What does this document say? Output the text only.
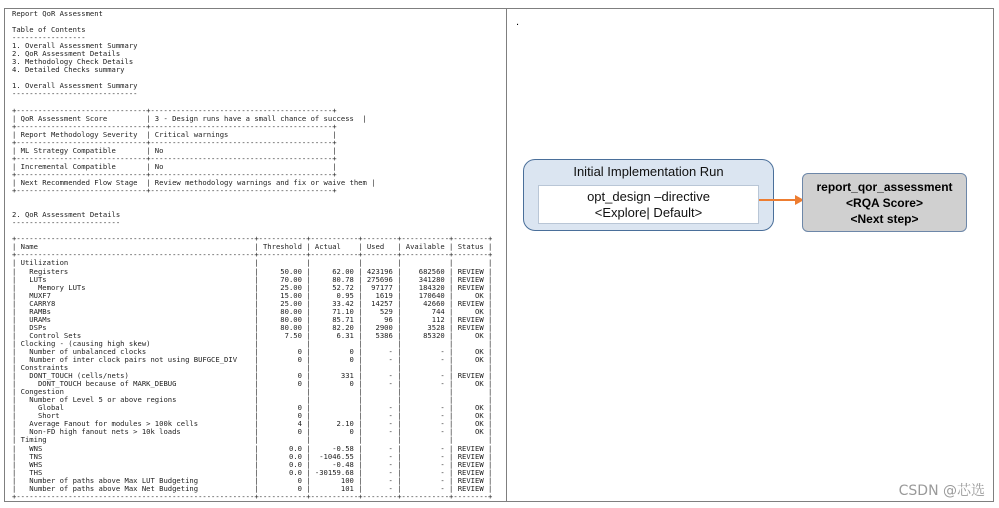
Report QoR Assessment

Table of Contents
-----------------
1. Overall Assessment Summary
2. QoR Assessment Details
3. Methodology Check Details
4. Detailed Checks summary

1. Overall Assessment Summary
-----------------------------

+------------------------------+------------------------------------------+
| QoR Assessment Score         | 3 - Design runs have a small chance of success  |
+------------------------------+------------------------------------------+
| Report Methodology Severity  | Critical warnings                        |
+------------------------------+------------------------------------------+
| ML Strategy Compatible       | No                                       |
+------------------------------+------------------------------------------+
| Incremental Compatible       | No                                       |
+------------------------------+------------------------------------------+
| Next Recommended Flow Stage  | Review methodology warnings and fix or waive them |
+------------------------------+------------------------------------------+

2. QoR Assessment Details
-------------------------

+-------------------------------------------------------+-----------+-----------+--------+-----------+--------+
| Name                                                  | Threshold | Actual    | Used   | Available | Status |
+-------------------------------------------------------+-----------+-----------+--------+-----------+--------+
| Utilization                                           |           |           |        |           |        |
|   Registers                                           |     50.00 |     62.00 | 423196 |    682560 | REVIEW |
|   LUTs                                                |     70.00 |     80.78 | 275696 |    341280 | REVIEW |
|     Memory LUTs                                       |     25.00 |     52.72 |  97177 |    184320 | REVIEW |
|   MUXF7                                               |     15.00 |      0.95 |   1619 |    170640 |     OK |
|   CARRY8                                              |     25.00 |     33.42 |  14257 |     42660 | REVIEW |
|   RAMBs                                               |     80.00 |     71.10 |    529 |       744 |     OK |
|   URAMs                                               |     80.00 |     85.71 |     96 |       112 | REVIEW |
|   DSPs                                                |     80.00 |     82.20 |   2900 |      3528 | REVIEW |
|   Control Sets                                        |      7.50 |      6.31 |   5386 |     85320 |     OK |
| Clocking - (causing high skew)                        |           |           |        |           |        |
|   Number of unbalanced clocks                         |         0 |         0 |      - |         - |     OK |
|   Number of inter clock pairs not using BUFGCE_DIV    |         0 |         0 |      - |         - |     OK |
| Constraints                                           |           |           |        |           |        |
|   DONT_TOUCH (cells/nets)                             |         0 |       331 |      - |         - | REVIEW |
|     DONT_TOUCH because of MARK_DEBUG                  |         0 |         0 |      - |         - |     OK |
| Congestion                                            |           |           |        |           |        |
|   Number of Level 5 or above regions                  |           |           |        |           |        |
|     Global                                            |         0 |           |      - |         - |     OK |
|     Short                                             |         0 |           |      - |         - |     OK |
|   Average Fanout for modules > 100k cells             |         4 |      2.10 |      - |         - |     OK |
|   Non-FD high fanout nets > 10k loads                 |         0 |         0 |      - |         - |     OK |
| Timing                                                |           |           |        |           |        |
|   WNS                                                 |       0.0 |     -0.58 |      - |         - | REVIEW |
|   TNS                                                 |       0.0 |  -1046.55 |      - |         - | REVIEW |
|   WHS                                                 |       0.0 |     -0.48 |      - |         - | REVIEW |
|   THS                                                 |       0.0 | -30159.68 |      - |         - | REVIEW |
|   Number of paths above Max LUT Budgeting             |         0 |       100 |      - |         - | REVIEW |
|   Number of paths above Max Net Budgeting             |         0 |       101 |      - |         - | REVIEW |
+-------------------------------------------------------+-----------+-----------+--------+-----------+--------+
.
Initial Implementation Run
opt_design –directive
<Explore| Default>
report_qor_assessment
<RQA Score>
<Next step>
CSDN @芯选
